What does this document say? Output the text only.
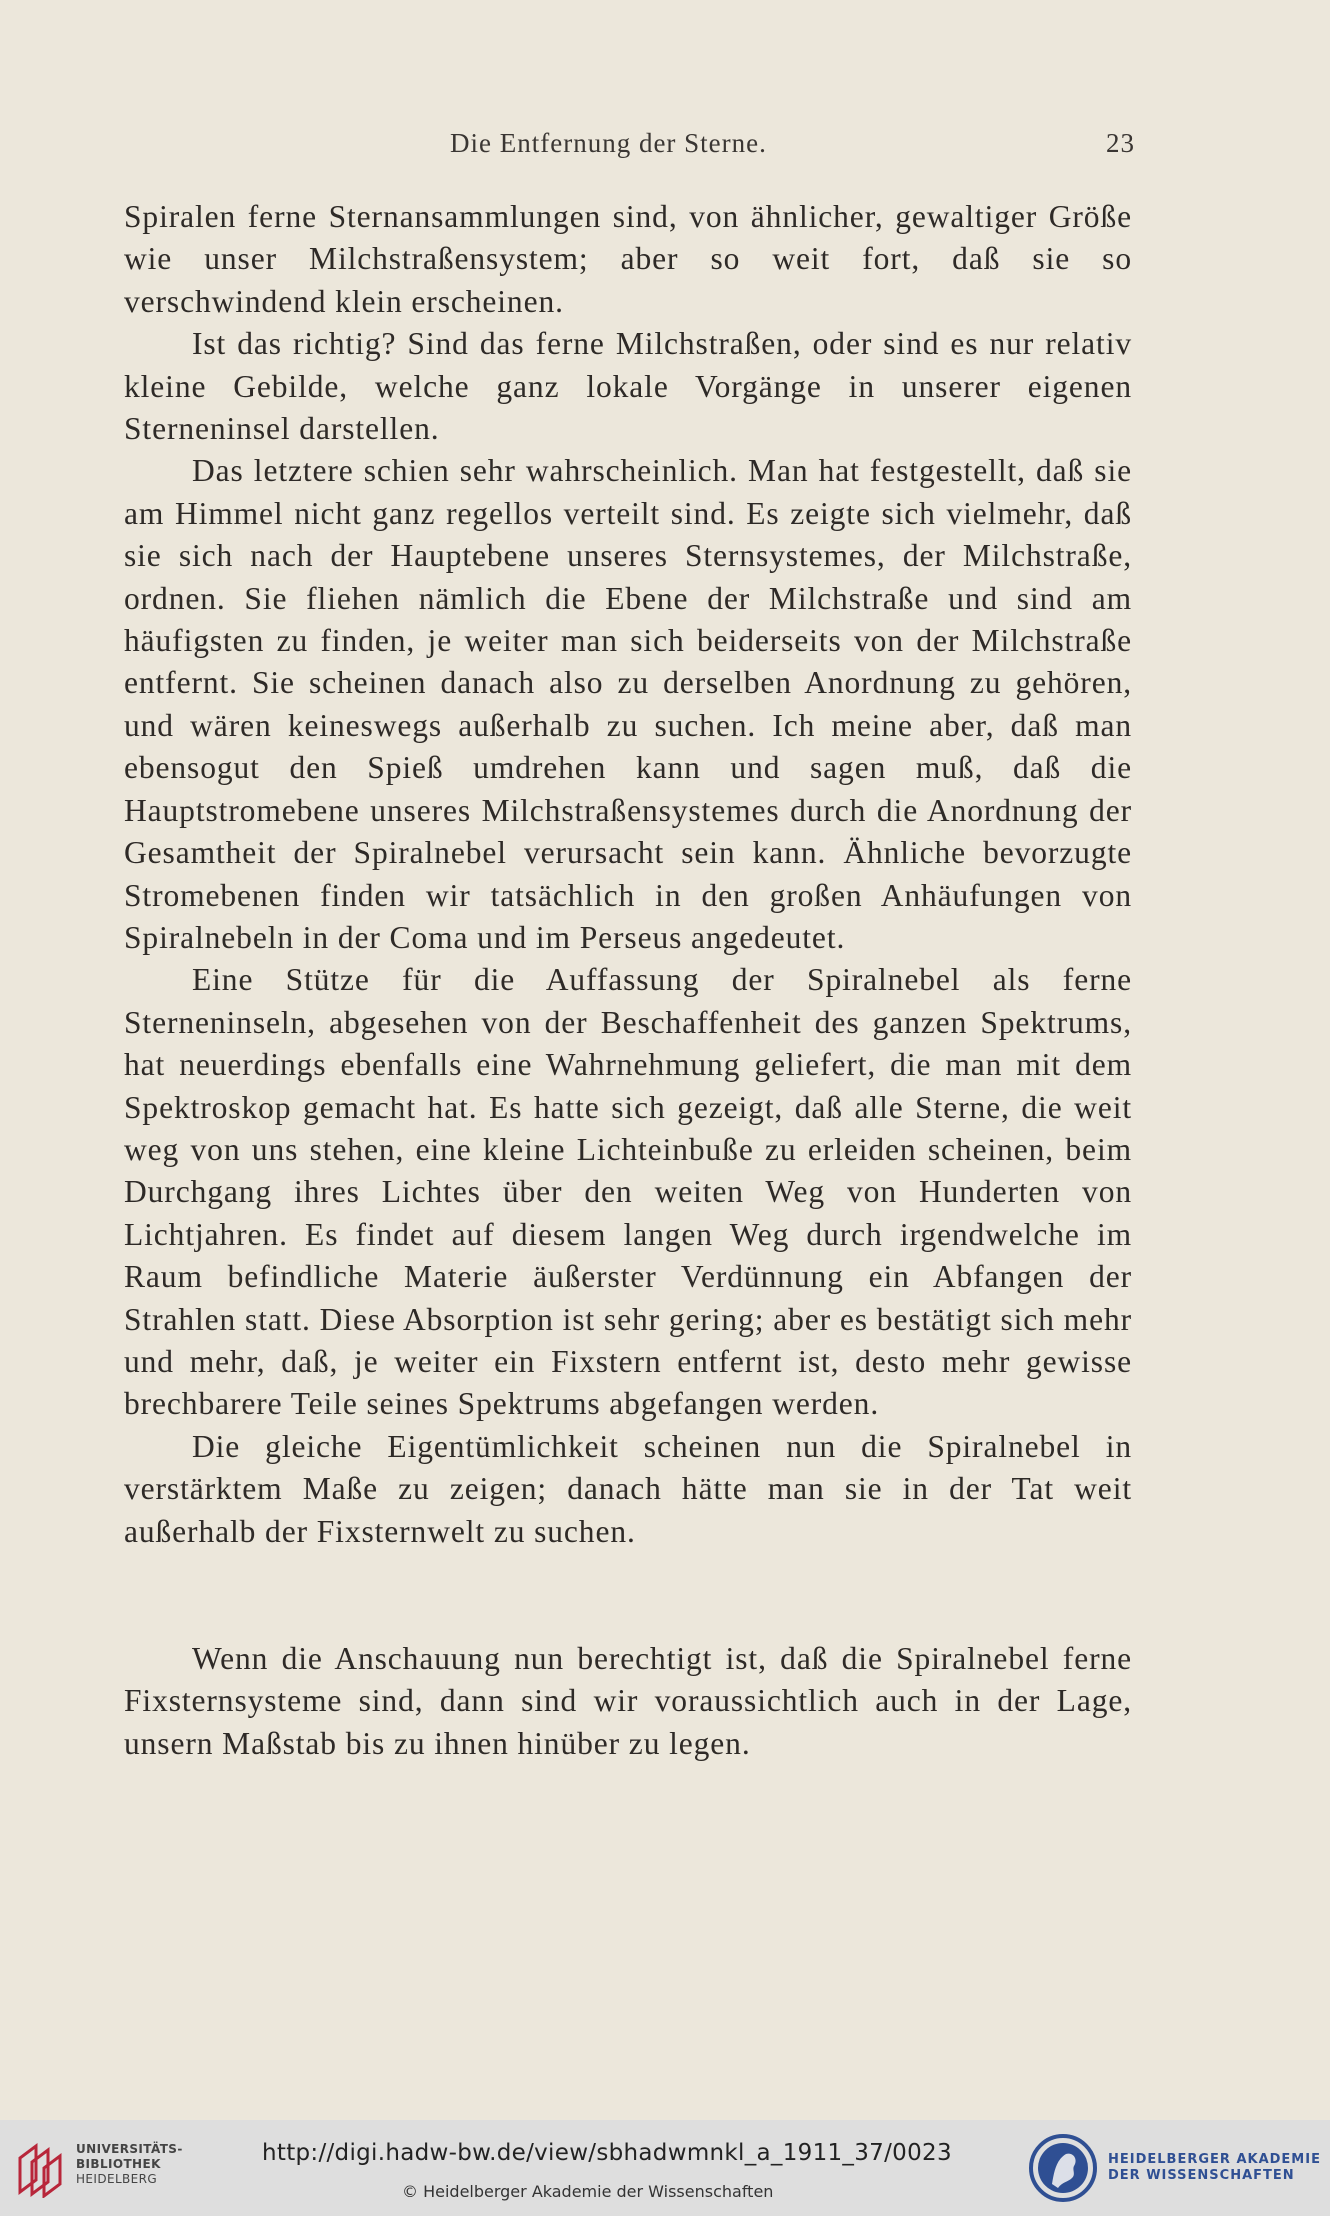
Die Entfernung der Sterne.	23

Spiralen ferne Sternansammlungen sind, von ähnlicher, gewaltiger Größe wie unser Milchstraßensystem; aber so weit fort, daß sie so verschwindend klein erscheinen.

Ist das richtig? Sind das ferne Milchstraßen, oder sind es nur relativ kleine Gebilde, welche ganz lokale Vorgänge in unserer eigenen Sterneninsel darstellen.

Das letztere schien sehr wahrscheinlich. Man hat festgestellt, daß sie am Himmel nicht ganz regellos verteilt sind. Es zeigte sich vielmehr, daß sie sich nach der Hauptebene unseres Sternsystemes, der Milchstraße, ordnen. Sie fliehen nämlich die Ebene der Milchstraße und sind am häufigsten zu finden, je weiter man sich beiderseits von der Milchstraße entfernt. Sie scheinen danach also zu derselben Anordnung zu gehören, und wären keineswegs außerhalb zu suchen. Ich meine aber, daß man ebensogut den Spieß umdrehen kann und sagen muß, daß die Hauptstromebene unseres Milchstraßensystemes durch die Anordnung der Gesamtheit der Spiralnebel verursacht sein kann. Ähnliche bevorzugte Stromebenen finden wir tatsächlich in den großen Anhäufungen von Spiralnebeln in der Coma und im Perseus angedeutet.

Eine Stütze für die Auffassung der Spiralnebel als ferne Sterneninseln, abgesehen von der Beschaffenheit des ganzen Spektrums, hat neuerdings ebenfalls eine Wahrnehmung geliefert, die man mit dem Spektroskop gemacht hat. Es hatte sich gezeigt, daß alle Sterne, die weit weg von uns stehen, eine kleine Lichteinbuße zu erleiden scheinen, beim Durchgang ihres Lichtes über den weiten Weg von Hunderten von Lichtjahren. Es findet auf diesem langen Weg durch irgendwelche im Raum befindliche Materie äußerster Verdünnung ein Abfangen der Strahlen statt. Diese Absorption ist sehr gering; aber es bestätigt sich mehr und mehr, daß, je weiter ein Fixstern entfernt ist, desto mehr gewisse brechbarere Teile seines Spektrums abgefangen werden.

Die gleiche Eigentümlichkeit scheinen nun die Spiralnebel in verstärktem Maße zu zeigen; danach hätte man sie in der Tat weit außerhalb der Fixsternwelt zu suchen.

Wenn die Anschauung nun berechtigt ist, daß die Spiralnebel ferne Fixsternsysteme sind, dann sind wir voraussichtlich auch in der Lage, unsern Maßstab bis zu ihnen hinüber zu legen.

UNIVERSITÄTS-
BIBLIOTHEK
HEIDELBERG
http://digi.hadw-bw.de/view/sbhadwmnkl_a_1911_37/0023
© Heidelberger Akademie der Wissenschaften
HEIDELBERGER AKADEMIE
DER WISSENSCHAFTEN
